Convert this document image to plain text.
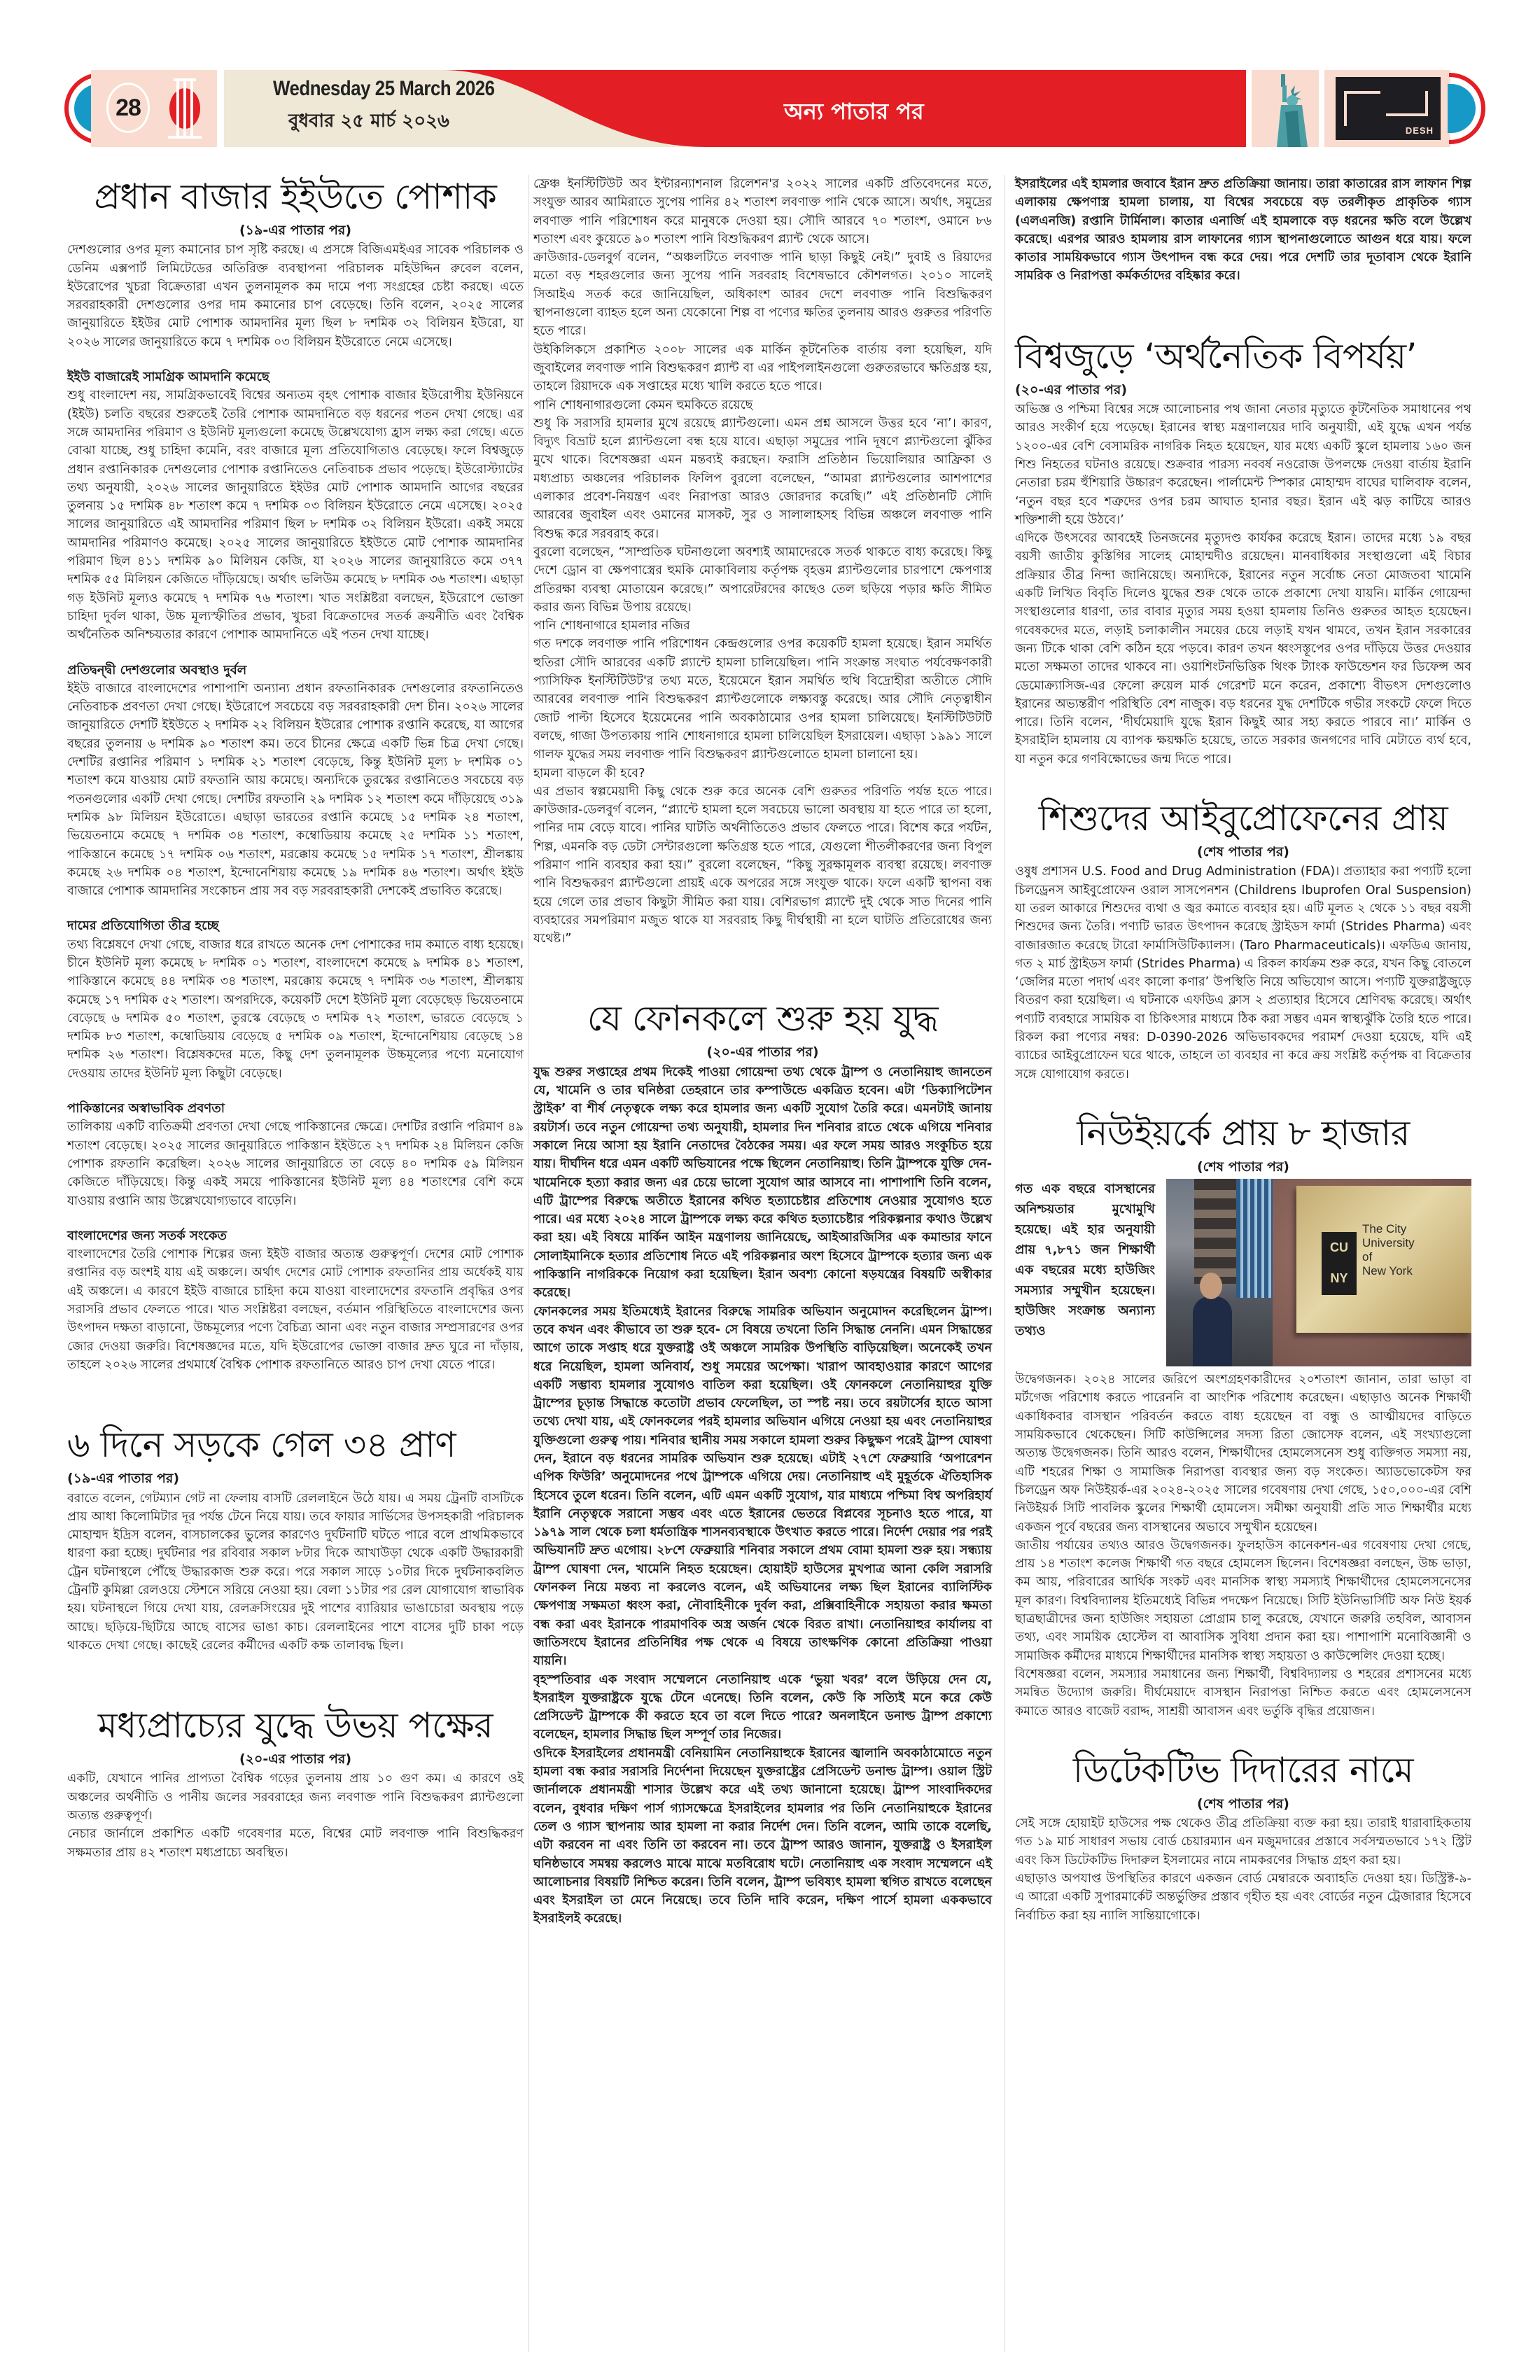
28
Wednesday 25 March 2026
বুধবার ২৫ মার্চ ২০২৬	অন্য পাতার পর
DESH
প্রধান বাজার ইইউতে পোশাক
(১৯-এর পাতার পর)

দেশগুলোর ওপর মূল্য কমানোর চাপ সৃষ্টি করছে। এ প্রসঙ্গে বিজিএমইএর সাবেক পরিচালক ও ডেনিম এক্সপার্ট লিমিটেডের অতিরিক্ত ব্যবস্থাপনা পরিচালক মহিউদ্দিন রুবেল বলেন, ইউরোপের খুচরা বিক্রেতারা এখন তুলনামূলক কম দামে পণ্য সংগ্রহের চেষ্টা করছে। এতে সরবরাহকারী দেশগুলোর ওপর দাম কমানোর চাপ বেড়েছে। তিনি বলেন, ২০২৫ সালের জানুয়ারিতে ইইউর মোট পোশাক আমদানির মূল্য ছিল ৮ দশমিক ৩২ বিলিয়ন ইউরো, যা ২০২৬ সালের জানুয়ারিতে কমে ৭ দশমিক ০৩ বিলিয়ন ইউরোতে নেমে এসেছে।

ইইউ বাজারেই সামগ্রিক আমদানি কমেছে

শুধু বাংলাদেশ নয়, সামগ্রিকভাবেই বিশ্বের অন্যতম বৃহৎ পোশাক বাজার ইউরোপীয় ইউনিয়নে (ইইউ) চলতি বছরের শুরুতেই তৈরি পোশাক আমদানিতে বড় ধরনের পতন দেখা গেছে। এর সঙ্গে আমদানির পরিমাণ ও ইউনিট মূল্যগুলো কমেছে উল্লেখযোগ্য হ্রাস লক্ষ্য করা গেছে। এতে বোঝা যাচ্ছে, শুধু চাহিদা কমেনি, বরং বাজারে মূল্য প্রতিযোগিতাও বেড়েছে। ফলে বিশ্বজুড়ে প্রধান রপ্তানিকারক দেশগুলোর পোশাক রপ্তানিতেও নেতিবাচক প্রভাব পড়েছে। ইউরোস্ট্যাটের তথ্য অনুযায়ী, ২০২৬ সালের জানুয়ারিতে ইইউর মোট পোশাক আমদানি আগের বছরের তুলনায় ১৫ দশমিক ৪৮ শতাংশ কমে ৭ দশমিক ০৩ বিলিয়ন ইউরোতে নেমে এসেছে। ২০২৫ সালের জানুয়ারিতে এই আমদানির পরিমাণ ছিল ৮ দশমিক ৩২ বিলিয়ন ইউরো। একই সময়ে আমদানির পরিমাণও কমেছে। ২০২৫ সালের জানুয়ারিতে ইইউতে মোট পোশাক আমদানির পরিমাণ ছিল ৪১১ দশমিক ৯০ মিলিয়ন কেজি, যা ২০২৬ সালের জানুয়ারিতে কমে ৩৭৭ দশমিক ৫৫ মিলিয়ন কেজিতে দাঁড়িয়েছে। অর্থাৎ ভলিউম কমেছে ৮ দশমিক ৩৬ শতাংশ। এছাড়া গড় ইউনিট মূল্যও কমেছে ৭ দশমিক ৭৬ শতাংশ। খাত সংশ্লিষ্টরা বলছেন, ইউরোপে ভোক্তা চাহিদা দুর্বল থাকা, উচ্চ মূল্যস্ফীতির প্রভাব, খুচরা বিক্রেতাদের সতর্ক ক্রয়নীতি এবং বৈশ্বিক অর্থনৈতিক অনিশ্চয়তার কারণে পোশাক আমদানিতে এই পতন দেখা যাচ্ছে।

প্রতিদ্বন্দ্বী দেশগুলোর অবস্থাও দুর্বল

ইইউ বাজারে বাংলাদেশের পাশাপাশি অন্যান্য প্রধান রফতানিকারক দেশগুলোর রফতানিতেও নেতিবাচক প্রবণতা দেখা গেছে। ইউরোপে সবচেয়ে বড় সরবরাহকারী দেশ চীন। ২০২৬ সালের জানুয়ারিতে দেশটি ইইউতে ২ দশমিক ২২ বিলিয়ন ইউরোর পোশাক রপ্তানি করেছে, যা আগের বছরের তুলনায় ৬ দশমিক ৯০ শতাংশ কম। তবে চীনের ক্ষেত্রে একটি ভিন্ন চিত্র দেখা গেছে। দেশটির রপ্তানির পরিমাণ ১ দশমিক ২১ শতাংশ বেড়েছে, কিন্তু ইউনিট মূল্য ৮ দশমিক ০১ শতাংশ কমে যাওয়ায় মোট রফতানি আয় কমেছে। অন্যদিকে তুরস্কের রপ্তানিতেও সবচেয়ে বড় পতনগুলোর একটি দেখা গেছে। দেশটির রফতানি ২৯ দশমিক ১২ শতাংশ কমে দাঁড়িয়েছে ৩১৯ দশমিক ৯৮ মিলিয়ন ইউরোতে। এছাড়া ভারতের রপ্তানি কমেছে ১৫ দশমিক ২৪ শতাংশ, ভিয়েতনামে কমেছে ৭ দশমিক ৩৪ শতাংশ, কম্বোডিয়ায় কমেছে ২৫ দশমিক ১১ শতাংশ, পাকিস্তানে কমেছে ১৭ দশমিক ০৬ শতাংশ, মরক্কোয় কমেছে ১৫ দশমিক ১৭ শতাংশ, শ্রীলঙ্কায় কমেছে ২৬ দশমিক ০৪ শতাংশ, ইন্দোনেশিয়ায় কমেছে ১৯ দশমিক ৪৬ শতাংশ। অর্থাৎ ইইউ বাজারে পোশাক আমদানির সংকোচন প্রায় সব বড় সরবরাহকারী দেশকেই প্রভাবিত করেছে।

দামের প্রতিযোগিতা তীব্র হচ্ছে

তথ্য বিশ্লেষণে দেখা গেছে, বাজার ধরে রাখতে অনেক দেশ পোশাকের দাম কমাতে বাধ্য হয়েছে। চীনে ইউনিট মূল্য কমেছে ৮ দশমিক ০১ শতাংশ, বাংলাদেশে কমেছে ৯ দশমিক ৪১ শতাংশ, পাকিস্তানে কমেছে ৪৪ দশমিক ৩৪ শতাংশ, মরক্কোয় কমেছে ৭ দশমিক ৩৬ শতাংশ, শ্রীলঙ্কায় কমেছে ১৭ দশমিক ৫২ শতাংশ। অপরদিকে, কয়েকটি দেশে ইউনিট মূল্য বেড়েছেড় ভিয়েতনামে বেড়েছে ৬ দশমিক ৫০ শতাংশ, তুরস্কে বেড়েছে ৩ দশমিক ৭২ শতাংশ, ভারতে বেড়েছে ১ দশমিক ৮৩ শতাংশ, কম্বোডিয়ায় বেড়েছে ৫ দশমিক ০৯ শতাংশ, ইন্দোনেশিয়ায় বেড়েছে ১৪ দশমিক ২৬ শতাংশ। বিশ্লেষকদের মতে, কিছু দেশ তুলনামূলক উচ্চমূল্যের পণ্যে মনোযোগ দেওয়ায় তাদের ইউনিট মূল্য কিছুটা বেড়েছে।

পাকিস্তানের অস্বাভাবিক প্রবণতা

তালিকায় একটি ব্যতিক্রমী প্রবণতা দেখা গেছে পাকিস্তানের ক্ষেত্রে। দেশটির রপ্তানি পরিমাণ ৪৯ শতাংশ বেড়েছে। ২০২৫ সালের জানুয়ারিতে পাকিস্তান ইইউতে ২৭ দশমিক ২৪ মিলিয়ন কেজি পোশাক রফতানি করেছিল। ২০২৬ সালের জানুয়ারিতে তা বেড়ে ৪০ দশমিক ৫৯ মিলিয়ন কেজিতে দাঁড়িয়েছে। কিন্তু একই সময়ে পাকিস্তানের ইউনিট মূল্য ৪৪ শতাংশের বেশি কমে যাওয়ায় রপ্তানি আয় উল্লেখযোগ্যভাবে বাড়েনি।

বাংলাদেশের জন্য সতর্ক সংকেত

বাংলাদেশের তৈরি পোশাক শিল্পের জন্য ইইউ বাজার অত্যন্ত গুরুত্বপূর্ণ। দেশের মোট পোশাক রপ্তানির বড় অংশই যায় এই অঞ্চলে। অর্থাৎ দেশের মোট পোশাক রফতানির প্রায় অর্ধেকই যায় এই অঞ্চলে। এ কারণে ইইউ বাজারে চাহিদা কমে যাওয়া বাংলাদেশের রফতানি প্রবৃদ্ধির ওপর সরাসরি প্রভাব ফেলতে পারে। খাত সংশ্লিষ্টরা বলছেন, বর্তমান পরিস্থিতিতে বাংলাদেশের জন্য উৎপাদন দক্ষতা বাড়ানো, উচ্চমূল্যের পণ্যে বৈচিত্র্য আনা এবং নতুন বাজার সম্প্রসারণের ওপর জোর দেওয়া জরুরি। বিশেষজ্ঞদের মতে, যদি ইউরোপের ভোক্তা বাজার দ্রুত ঘুরে না দাঁড়ায়, তাহলে ২০২৬ সালের প্রথমার্ধে বৈশ্বিক পোশাক রফতানিতে আরও চাপ দেখা যেতে পারে।

৬ দিনে সড়কে গেল ৩৪ প্রাণ
(১৯-এর পাতার পর)

বরাতে বলেন, গেটম্যান গেট না ফেলায় বাসটি রেললাইনে উঠে যায়। এ সময় ট্রেনটি বাসটিকে প্রায় আধা কিলোমিটার দূর পর্যন্ত টেনে নিয়ে যায়। তবে ফায়ার সার্ভিসের উপসহকারী পরিচালক মোহাম্মদ ইদ্রিস বলেন, বাসচালকের ভুলের কারণেও দুর্ঘটনাটি ঘটতে পারে বলে প্রাথমিকভাবে ধারণা করা হচ্ছে। দুর্ঘটনার পর রবিবার সকাল ৮টার দিকে আখাউড়া থেকে একটি উদ্ধারকারী ট্রেন ঘটনাস্থলে পৌঁছে উদ্ধারকাজ শুরু করে। পরে সকাল সাড়ে ১০টার দিকে দুর্ঘটনাকবলিত ট্রেনটি কুমিল্লা রেলওয়ে স্টেশনে সরিয়ে নেওয়া হয়। বেলা ১১টার পর রেল যোগাযোগ স্বাভাবিক হয়। ঘটনাস্থলে গিয়ে দেখা যায়, রেলক্রসিংয়ের দুই পাশের ব্যারিয়ার ভাঙাচোরা অবস্থায় পড়ে আছে। ছড়িয়ে-ছিটিয়ে আছে বাসের ভাঙা কাচ। রেললাইনের পাশে বাসের দুটি চাকা পড়ে থাকতে দেখা গেছে। কাছেই রেলের কর্মীদের একটি কক্ষ তালাবদ্ধ ছিল।

মধ্যপ্রাচ্যের যুদ্ধে উভয় পক্ষের
(২০-এর পাতার পর)

একটি, যেখানে পানির প্রাপ্যতা বৈশ্বিক গড়ের তুলনায় প্রায় ১০ গুণ কম। এ কারণে ওই অঞ্চলের অর্থনীতি ও পানীয় জলের সরবরাহের জন্য লবণাক্ত পানি বিশুদ্ধকরণ প্ল্যান্টগুলো অত্যন্ত গুরুত্বপূর্ণ।

নেচার জার্নালে প্রকাশিত একটি গবেষণার মতে, বিশ্বের মোট লবণাক্ত পানি বিশুদ্ধিকরণ সক্ষমতার প্রায় ৪২ শতাংশ মধ্যপ্রাচ্যে অবস্থিত।

ফ্রেঞ্চ ইনস্টিটিউট অব ইন্টারন্যাশনাল রিলেশন'র ২০২২ সালের একটি প্রতিবেদনের মতে, সংযুক্ত আরব আমিরাতে সুপেয় পানির ৪২ শতাংশ লবণাক্ত পানি থেকে আসে। অর্থাৎ, সমুদ্রের লবণাক্ত পানি পরিশোধন করে মানুষকে দেওয়া হয়। সৌদি আরবে ৭০ শতাংশ, ওমানে ৮৬ শতাংশ এবং কুয়েতে ৯০ শতাংশ পানি বিশুদ্ধিকরণ প্ল্যান্ট থেকে আসে।

ক্রাউজার-ডেলবুর্গ বলেন, “অঞ্চলটিতে লবণাক্ত পানি ছাড়া কিছুই নেই।” দুবাই ও রিয়াদের মতো বড় শহরগুলোর জন্য সুপেয় পানি সরবরাহ বিশেষভাবে কৌশলগত। ২০১০ সালেই সিআইএ সতর্ক করে জানিয়েছিল, অধিকাংশ আরব দেশে লবণাক্ত পানি বিশুদ্ধিকরণ স্থাপনাগুলো ব্যাহত হলে অন্য যেকোনো শিল্প বা পণ্যের ক্ষতির তুলনায় আরও গুরুতর পরিণতি হতে পারে।

উইকিলিকসে প্রকাশিত ২০০৮ সালের এক মার্কিন কূটনৈতিক বার্তায় বলা হয়েছিল, যদি জুবাইলের লবণাক্ত পানি বিশুদ্ধকরণ প্ল্যান্ট বা এর পাইপলাইনগুলো গুরুতরভাবে ক্ষতিগ্রস্ত হয়, তাহলে রিয়াদকে এক সপ্তাহের মধ্যে খালি করতে হতে পারে।

পানি শোধনাগারগুলো কেমন হুমকিতে রয়েছে

শুধু কি সরাসরি হামলার মুখে রয়েছে প্ল্যান্টগুলো। এমন প্রশ্ন আসলে উত্তর হবে ‘না’। কারণ, বিদ্যুৎ বিভ্রাট হলে প্ল্যান্টগুলো বন্ধ হয়ে যাবে। এছাড়া সমুদ্রের পানি দূষণে প্ল্যান্টগুলো ঝুঁকির মুখে থাকে। বিশেষজ্ঞরা এমন মন্তব্যই করছেন। ফরাসি প্রতিষ্ঠান ভিয়োলিয়ার আফ্রিকা ও মধ্যপ্রাচ্য অঞ্চলের পরিচালক ফিলিপ বুরলো বলেছেন, “আমরা প্ল্যান্টগুলোর আশপাশের এলাকার প্রবেশ-নিয়ন্ত্রণ এবং নিরাপত্তা আরও জোরদার করেছি।” এই প্রতিষ্ঠানটি সৌদি আরবের জুবাইল এবং ওমানের মাসকট, সুর ও সালালাহসহ বিভিন্ন অঞ্চলে লবণাক্ত পানি বিশুদ্ধ করে সরবরাহ করে।

বুরলো বলেছেন, “সাম্প্রতিক ঘটনাগুলো অবশ্যই আমাদেরকে সতর্ক থাকতে বাধ্য করেছে। কিছু দেশে ড্রোন বা ক্ষেপণাস্ত্রের হুমকি মোকাবিলায় কর্তৃপক্ষ বৃহত্তম প্ল্যান্টগুলোর চারপাশে ক্ষেপণাস্ত্র প্রতিরক্ষা ব্যবস্থা মোতায়েন করেছে।” অপারেটরদের কাছেও তেল ছড়িয়ে পড়ার ক্ষতি সীমিত করার জন্য বিভিন্ন উপায় রয়েছে।

পানি শোধনাগারে হামলার নজির

গত দশকে লবণাক্ত পানি পরিশোধন কেন্দ্রগুলোর ওপর কয়েকটি হামলা হয়েছে। ইরান সমর্থিত হুতিরা সৌদি আরবের একটি প্ল্যান্টে হামলা চালিয়েছিল। পানি সংক্রান্ত সংঘাত পর্যবেক্ষণকারী প্যাসিফিক ইনস্টিটিউট'র তথ্য মতে, ইয়েমেনে ইরান সমর্থিত হুথি বিদ্রোহীরা অতীতে সৌদি আরবের লবণাক্ত পানি বিশুদ্ধকরণ প্ল্যান্টগুলোকে লক্ষ্যবস্তু করেছে। আর সৌদি নেতৃত্বাধীন জোট পাল্টা হিসেবে ইয়েমেনের পানি অবকাঠামোর ওপর হামলা চালিয়েছে। ইনস্টিটিউটটি বলছে, গাজা উপত্যকায় পানি শোধনাগারে হামলা চালিয়েছিল ইসরায়েল। এছাড়া ১৯৯১ সালে গালফ যুদ্ধের সময় লবণাক্ত পানি বিশুদ্ধকরণ প্ল্যান্টগুলোতে হামলা চালানো হয়।

হামলা বাড়লে কী হবে?

এর প্রভাব স্বল্পমেয়াদী কিছু থেকে শুরু করে অনেক বেশি গুরুতর পরিণতি পর্যন্ত হতে পারে। ক্রাউজার-ডেলবুর্গ বলেন, “প্ল্যান্টে হামলা হলে সবচেয়ে ভালো অবস্থায় যা হতে পারে তা হলো, পানির দাম বেড়ে যাবে। পানির ঘাটতি অর্থনীতিতেও প্রভাব ফেলতে পারে। বিশেষ করে পর্যটন, শিল্প, এমনকি বড় ডেটা সেন্টারগুলো ক্ষতিগ্রস্ত হতে পারে, যেগুলো শীতলীকরণের জন্য বিপুল পরিমাণ পানি ব্যবহার করা হয়।” বুরলো বলেছেন, “কিছু সুরক্ষামূলক ব্যবস্থা রয়েছে। লবণাক্ত পানি বিশুদ্ধকরণ প্ল্যান্টগুলো প্রায়ই একে অপরের সঙ্গে সংযুক্ত থাকে। ফলে একটি স্থাপনা বন্ধ হয়ে গেলে তার প্রভাব কিছুটা সীমিত করা যায়। বেশিরভাগ প্ল্যান্টে দুই থেকে সাত দিনের পানি ব্যবহারের সমপরিমাণ মজুত থাকে যা সরবরাহ কিছু দীর্ঘস্থায়ী না হলে ঘাটতি প্রতিরোধের জন্য যথেষ্ট।”

যে ফোনকলে শুরু হয় যুদ্ধ
(২০-এর পাতার পর)

যুদ্ধ শুরুর সপ্তাহের প্রথম দিকেই পাওয়া গোয়েন্দা তথ্য থেকে ট্রাম্প ও নেতানিয়াহু জানতেন যে, খামেনি ও তার ঘনিষ্ঠরা তেহরানে তার কম্পাউন্ডে একত্রিত হবেন। এটা ‘ডিক্যাপিটেশন স্ট্রাইক’ বা শীর্ষ নেতৃত্বকে লক্ষ্য করে হামলার জন্য একটি সুযোগ তৈরি করে। এমনটাই জানায় রয়টার্স। তবে নতুন গোয়েন্দা তথ্য অনুযায়ী, হামলার দিন শনিবার রাতে থেকে এগিয়ে শনিবার সকালে নিয়ে আসা হয় ইরানি নেতাদের বৈঠকের সময়। এর ফলে সময় আরও সংকুচিত হয়ে যায়। দীর্ঘদিন ধরে এমন একটি অভিযানের পক্ষে ছিলেন নেতানিয়াহু। তিনি ট্রাম্পকে যুক্তি দেন- খামেনিকে হত্যা করার জন্য এর চেয়ে ভালো সুযোগ আর আসবে না। পাশাপাশি তিনি বলেন, এটি ট্রাম্পের বিরুদ্ধে অতীতে ইরানের কথিত হত্যাচেষ্টার প্রতিশোধ নেওয়ার সুযোগও হতে পারে। এর মধ্যে ২০২৪ সালে ট্রাম্পকে লক্ষ্য করে কথিত হত্যাচেষ্টার পরিকল্পনার কথাও উল্লেখ করা হয়। এই বিষয়ে মার্কিন আইন মন্ত্রণালয় জানিয়েছে, আইআরজিসির এক কমান্ডার ফানে সোলাইমানিকে হত্যার প্রতিশোধ নিতে এই পরিকল্পনার অংশ হিসেবে ট্রাম্পকে হত্যার জন্য এক পাকিস্তানি নাগরিককে নিয়োগ করা হয়েছিল। ইরান অবশ্য কোনো ষড়যন্ত্রের বিষয়টি অস্বীকার করেছে।

ফোনকলের সময় ইতিমধ্যেই ইরানের বিরুদ্ধে সামরিক অভিযান অনুমোদন করেছিলেন ট্রাম্প। তবে কখন এবং কীভাবে তা শুরু হবে- সে বিষয়ে তখনো তিনি সিদ্ধান্ত নেননি। এমন সিদ্ধান্তের আগে তাকে সপ্তাহ ধরে যুক্তরাষ্ট্র ওই অঞ্চলে সামরিক উপস্থিতি বাড়িয়েছিল। অনেকেই তখন ধরে নিয়েছিল, হামলা অনিবার্য, শুধু সময়ের অপেক্ষা। খারাপ আবহাওয়ার কারণে আগের একটি সম্ভাব্য হামলার সুযোগও বাতিল করা হয়েছিল। ওই ফোনকলে নেতানিয়াহুর যুক্তি ট্রাম্পের চূড়ান্ত সিদ্ধান্তে কতোটা প্রভাব ফেলেছিল, তা স্পষ্ট নয়। তবে রয়টার্সের হাতে আসা তথ্যে দেখা যায়, এই ফোনকলের পরই হামলার অভিযান এগিয়ে নেওয়া হয় এবং নেতানিয়াহুর যুক্তিগুলো গুরুত্ব পায়। শনিবার স্থানীয় সময় সকালে হামলা শুরুর কিছুক্ষণ পরেই ট্রাম্প ঘোষণা দেন, ইরানে বড় ধরনের সামরিক অভিযান শুরু হয়েছে। এটাই ২৭শে ফেব্রুয়ারি ‘অপারেশন এপিক ফিউরি’ অনুমোদনের পথে ট্রাম্পকে এগিয়ে দেয়। নেতানিয়াহু এই মুহূর্তকে ঐতিহাসিক হিসেবে তুলে ধরেন। তিনি বলেন, এটি এমন একটি সুযোগ, যার মাধ্যমে পশ্চিমা বিশ্ব অপরিহার্য ইরানি নেতৃত্বকে সরানো সম্ভব এবং এতে ইরানের ভেতরে বিপ্লবের সূচনাও হতে পারে, যা ১৯৭৯ সাল থেকে চলা ধর্মতান্ত্রিক শাসনব্যবস্থাকে উৎখাত করতে পারে। নির্দেশ দেয়ার পর পরই অভিযানটি দ্রুত এগোয়। ২৮শে ফেব্রুয়ারি শনিবার সকালে প্রথম বোমা হামলা শুরু হয়। সন্ধ্যায় ট্রাম্প ঘোষণা দেন, খামেনি নিহত হয়েছেন। হোয়াইট হাউসের মুখপাত্র আনা কেলি সরাসরি ফোনকল নিয়ে মন্তব্য না করলেও বলেন, এই অভিযানের লক্ষ্য ছিল ইরানের ব্যালিস্টিক ক্ষেপণাস্ত্র সক্ষমতা ধ্বংস করা, নৌবাহিনীকে দুর্বল করা, প্রক্সিবাহিনীকে সহায়তা করার ক্ষমতা বন্ধ করা এবং ইরানকে পারমাণবিক অস্ত্র অর্জন থেকে বিরত রাখা। নেতানিয়াহুর কার্যালয় বা জাতিসংঘে ইরানের প্রতিনিধির পক্ষ থেকে এ বিষয়ে তাৎক্ষণিক কোনো প্রতিক্রিয়া পাওয়া যায়নি।

বৃহস্পতিবার এক সংবাদ সম্মেলনে নেতানিয়াহু একে ‘ভুয়া খবর’ বলে উড়িয়ে দেন যে, ইসরাইল যুক্তরাষ্ট্রকে যুদ্ধে টেনে এনেছে। তিনি বলেন, কেউ কি সত্যিই মনে করে কেউ প্রেসিডেন্ট ট্রাম্পকে কী করতে হবে তা বলে দিতে পারে? অনলাইনে ডনাল্ড ট্রাম্প প্রকাশ্যে বলেছেন, হামলার সিদ্ধান্ত ছিল সম্পূর্ণ তার নিজের।

ওদিকে ইসরাইলের প্রধানমন্ত্রী বেনিয়ামিন নেতানিয়াহুকে ইরানের জ্বালানি অবকাঠামোতে নতুন হামলা বন্ধ করার সরাসরি নির্দেশনা দিয়েছেন যুক্তরাষ্ট্রের প্রেসিডেন্ট ডনাল্ড ট্রাম্প। ওয়াল স্ট্রিট জার্নালকে প্রধানমন্ত্রী শাসার উল্লেখ করে এই তথ্য জানানো হয়েছে। ট্রাম্প সাংবাদিকদের বলেন, বুধবার দক্ষিণ পার্স গ্যাসক্ষেত্রে ইসরাইলের হামলার পর তিনি নেতানিয়াহুকে ইরানের তেল ও গ্যাস স্থাপনায় আর হামলা না করার নির্দেশ দেন। তিনি বলেন, আমি তাকে বলেছি, এটা করবেন না এবং তিনি তা করবেন না। তবে ট্রাম্প আরও জানান, যুক্তরাষ্ট্র ও ইসরাইল ঘনিষ্ঠভাবে সমন্বয় করলেও মাঝে মাঝে মতবিরোধ ঘটে। নেতানিয়াহু এক সংবাদ সম্মেলনে এই আলোচনার বিষয়টি নিশ্চিত করেন। তিনি বলেন, ট্রাম্প ভবিষ্যৎ হামলা স্থগিত রাখতে বলেছেন এবং ইসরাইল তা মেনে নিয়েছে। তবে তিনি দাবি করেন, দক্ষিণ পার্সে হামলা এককভাবে ইসরাইলই করেছে।

ইসরাইলের এই হামলার জবাবে ইরান দ্রুত প্রতিক্রিয়া জানায়। তারা কাতারের রাস লাফান শিল্প এলাকায় ক্ষেপণাস্ত্র হামলা চালায়, যা বিশ্বের সবচেয়ে বড় তরলীকৃত প্রাকৃতিক গ্যাস (এলএনজি) রপ্তানি টার্মিনাল। কাতার এনার্জি এই হামলাকে বড় ধরনের ক্ষতি বলে উল্লেখ করেছে। এরপর আরও হামলায় রাস লাফানের গ্যাস স্থাপনাগুলোতে আগুন ধরে যায়। ফলে কাতার সাময়িকভাবে গ্যাস উৎপাদন বন্ধ করে দেয়। পরে দেশটি তার দূতাবাস থেকে ইরানি সামরিক ও নিরাপত্তা কর্মকর্তাদের বহিষ্কার করে।

বিশ্বজুড়ে ‘অর্থনৈতিক বিপর্যয়’
(২০-এর পাতার পর)

অভিজ্ঞ ও পশ্চিমা বিশ্বের সঙ্গে আলোচনার পথ জানা নেতার মৃত্যুতে কূটনৈতিক সমাধানের পথ আরও সংকীর্ণ হয়ে পড়েছে। ইরানের স্বাস্থ্য মন্ত্রণালয়ের দাবি অনুযায়ী, এই যুদ্ধে এখন পর্যন্ত ১২০০-এর বেশি বেসামরিক নাগরিক নিহত হয়েছেন, যার মধ্যে একটি স্কুলে হামলায় ১৬০ জন শিশু নিহতের ঘটনাও রয়েছে। শুক্রবার পারস্য নববর্ষ নওরোজ উপলক্ষে দেওয়া বার্তায় ইরানি নেতারা চরম হুঁশিয়ারি উচ্চারণ করেছেন। পার্লামেন্ট স্পিকার মোহাম্মদ বাঘের ঘালিবাফ বলেন, ‘নতুন বছর হবে শত্রুদের ওপর চরম আঘাত হানার বছর। ইরান এই ঝড় কাটিয়ে আরও শক্তিশালী হয়ে উঠবে।’

এদিকে উৎসবের আবহেই তিনজনের মৃত্যুদণ্ড কার্যকর করেছে ইরান। তাদের মধ্যে ১৯ বছর বয়সী জাতীয় কুস্তিগির সালেহ মোহাম্মদীও রয়েছেন। মানবাধিকার সংস্থাগুলো এই বিচার প্রক্রিয়ার তীব্র নিন্দা জানিয়েছে। অন্যদিকে, ইরানের নতুন সর্বোচ্চ নেতা মোজতবা খামেনি একটি লিখিত বিবৃতি দিলেও যুদ্ধের শুরু থেকে তাকে প্রকাশ্যে দেখা যায়নি। মার্কিন গোয়েন্দা সংস্থাগুলোর ধারণা, তার বাবার মৃত্যুর সময় হওয়া হামলায় তিনিও গুরুতর আহত হয়েছেন। গবেষকদের মতে, লড়াই চলাকালীন সময়ের চেয়ে লড়াই যখন থামবে, তখন ইরান সরকারের জন্য টিকে থাকা বেশি কঠিন হয়ে পড়বে। কারণ তখন ধ্বংসস্তূপের ওপর দাঁড়িয়ে উত্তর দেওয়ার মতো সক্ষমতা তাদের থাকবে না। ওয়াশিংটনভিত্তিক থিংক ট্যাংক ফাউন্ডেশন ফর ডিফেন্স অব ডেমোক্র্যাসিজ-এর ফেলো রুয়েল মার্ক গেরেশট মনে করেন, প্রকাশ্যে বীভৎস দেশগুলোও ইরানের অভ্যন্তরীণ পরিস্থিতি বেশ নাজুক। বড় ধরনের যুদ্ধ দেশটিকে গভীর সংকটে ফেলে দিতে পারে। তিনি বলেন, ‘দীর্ঘমেয়াদি যুদ্ধে ইরান কিছুই আর সহ্য করতে পারবে না।’ মার্কিন ও ইসরাইলি হামলায় যে ব্যাপক ক্ষয়ক্ষতি হয়েছে, তাতে সরকার জনগণের দাবি মেটাতে ব্যর্থ হবে, যা নতুন করে গণবিক্ষোভের জন্ম দিতে পারে।

শিশুদের আইবুপ্রোফেনের প্রায়
(শেষ পাতার পর)

ওষুধ প্রশাসন U.S. Food and Drug Administration (FDA)। প্রত্যাহার করা পণ্যটি হলো চিলড্রেনস আইবুপ্রোফেন ওরাল সাসপেনশন (Childrens Ibuprofen Oral Suspension) যা তরল আকারে শিশুদের ব্যথা ও জ্বর কমাতে ব্যবহার হয়। এটি মূলত ২ থেকে ১১ বছর বয়সী শিশুদের জন্য তৈরি। পণ্যটি ভারত উৎপাদন করেছে স্ট্রাইডস ফার্মা (Strides Pharma) এবং বাজারজাত করেছে টারো ফার্মাসিউটিক্যালস। (Taro Pharmaceuticals)। এফডিএ জানায়, গত ২ মার্চ স্ট্রাইডস ফার্মা (Strides Pharma) এ রিকল কার্যক্রম শুরু করে, যখন কিছু বোতলে ‘জেলির মতো পদার্থ এবং কালো কণার’ উপস্থিতি নিয়ে অভিযোগ আসে। পণ্যটি যুক্তরাষ্ট্রজুড়ে বিতরণ করা হয়েছিল। এ ঘটনাকে এফডিএ ক্লাস ২ প্রত্যাহার হিসেবে শ্রেণিবদ্ধ করেছে। অর্থাৎ পণ্যটি ব্যবহারে সাময়িক বা চিকিৎসার মাধ্যমে ঠিক করা সম্ভব এমন স্বাস্থ্যঝুঁকি তৈরি হতে পারে। রিকল করা পণ্যের নম্বর: D-0390-2026 অভিভাবকদের পরামর্শ দেওয়া হয়েছে, যদি এই ব্যাচের আইবুপ্রোফেন ঘরে থাকে, তাহলে তা ব্যবহার না করে ক্রয় সংশ্লিষ্ট কর্তৃপক্ষ বা বিক্রেতার সঙ্গে যোগাযোগ করতে।

নিউইয়র্কে প্রায় ৮ হাজার
(শেষ পাতার পর)
গত এক বছরে বাসস্থানের অনিশ্চয়তার মুখোমুখি হয়েছে। এই হার অনুযায়ী প্রায় ৭,৮৭১ জন শিক্ষার্থী এক বছরের মধ্যে হাউজিং সমস্যার সম্মুখীন হয়েছেন। হাউজিং সংক্রান্ত অন্যান্য তথ্যও
CU NY
The City
University
of
New York

উদ্বেগজনক। ২০২৪ সালের জরিপে অংশগ্রহণকারীদের ২০শতাংশ জানান, তারা ভাড়া বা মর্টগেজ পরিশোধ করতে পারেননি বা আংশিক পরিশোধ করেছেন। এছাড়াও অনেক শিক্ষার্থী একাধিকবার বাসস্থান পরিবর্তন করতে বাধ্য হয়েছেন বা বন্ধু ও আত্মীয়দের বাড়িতে সাময়িকভাবে থেকেছেন। সিটি কাউন্সিলের সদস্য রিতা জোসেফ বলেন, এই সংখ্যাগুলো অত্যন্ত উদ্বেগজনক। তিনি আরও বলেন, শিক্ষার্থীদের হোমলেসনেস শুধু ব্যক্তিগত সমস্যা নয়, এটি শহরের শিক্ষা ও সামাজিক নিরাপত্তা ব্যবস্থার জন্য বড় সংকেত। অ্যাডভোকেটস ফর চিলড্রেন অফ নিউইয়র্ক-এর ২০২৪-২০২৫ সালের গবেষণায় দেখা গেছে, ১৫০,০০০-এর বেশি নিউইয়র্ক সিটি পাবলিক স্কুলের শিক্ষার্থী হোমলেস। সমীক্ষা অনুযায়ী প্রতি সাত শিক্ষার্থীর মধ্যে একজন পূর্বে বছরের জন্য বাসস্থানের অভাবে সম্মুখীন হয়েছেন।

জাতীয় পর্যায়ের তথ্যও আরও উদ্বেগজনক। ফুলহাউস কানেকশন-এর গবেষণায় দেখা গেছে, প্রায় ১৪ শতাংশ কলেজ শিক্ষার্থী গত বছরে হোমলেস ছিলেন। বিশেষজ্ঞরা বলছেন, উচ্চ ভাড়া, কম আয়, পরিবারের আর্থিক সংকট এবং মানসিক স্বাস্থ্য সমস্যাই শিক্ষার্থীদের হোমলেসনেসের মূল কারণ। বিশ্ববিদ্যালয় ইতিমধ্যেই বিভিন্ন পদক্ষেপ নিয়েছে। সিটি ইউনিভার্সিটি অফ নিউ ইয়র্ক ছাত্রছাত্রীদের জন্য হাউজিং সহায়তা প্রোগ্রাম চালু করেছে, যেখানে জরুরি তহবিল, আবাসন তথ্য, এবং সাময়িক হোস্টেল বা আবাসিক সুবিধা প্রদান করা হয়। পাশাপাশি মনোবিজ্ঞানী ও সামাজিক কর্মীদের মাধ্যমে শিক্ষার্থীদের মানসিক স্বাস্থ্য সহায়তা ও কাউন্সেলিং দেওয়া হচ্ছে।

বিশেষজ্ঞরা বলেন, সমস্যার সমাধানের জন্য শিক্ষার্থী, বিশ্ববিদ্যালয় ও শহরের প্রশাসনের মধ্যে সমন্বিত উদ্যোগ জরুরি। দীর্ঘমেয়াদে বাসস্থান নিরাপত্তা নিশ্চিত করতে এবং হোমলেসনেস কমাতে আরও বাজেট বরাদ্দ, সাশ্রয়ী আবাসন এবং ভর্তুকি বৃদ্ধির প্রয়োজন।

ডিটেকটিভ দিদারের নামে
(শেষ পাতার পর)

সেই সঙ্গে হোয়াইট হাউসের পক্ষ থেকেও তীব্র প্রতিক্রিয়া ব্যক্ত করা হয়। তারাই ধারাবাহিকতায় গত ১৯ মার্চ সাধারণ সভায় বোর্ড চেয়ারম্যান এন মজুমদারের প্রস্তাবে সর্বসম্মতভাবে ১৭২ স্ট্রিট এবং কিস ডিটেকটিভ দিদারুল ইসলামের নামে নামকরণের সিদ্ধান্ত গ্রহণ করা হয়।

এছাড়াও অপযাপ্ত উপস্থিতির কারণে একজন বোর্ড মেম্বারকে অব্যাহতি দেওয়া হয়। ডিস্ট্রিক্ট-৯-এ আরো একটি সুপারমার্কেট অন্তর্ভুক্তির প্রস্তাব গৃহীত হয় এবং বোর্ডের নতুন ট্রেজারার হিসেবে নির্বাচিত করা হয় ন্যালি সান্তিয়াগোকে।
